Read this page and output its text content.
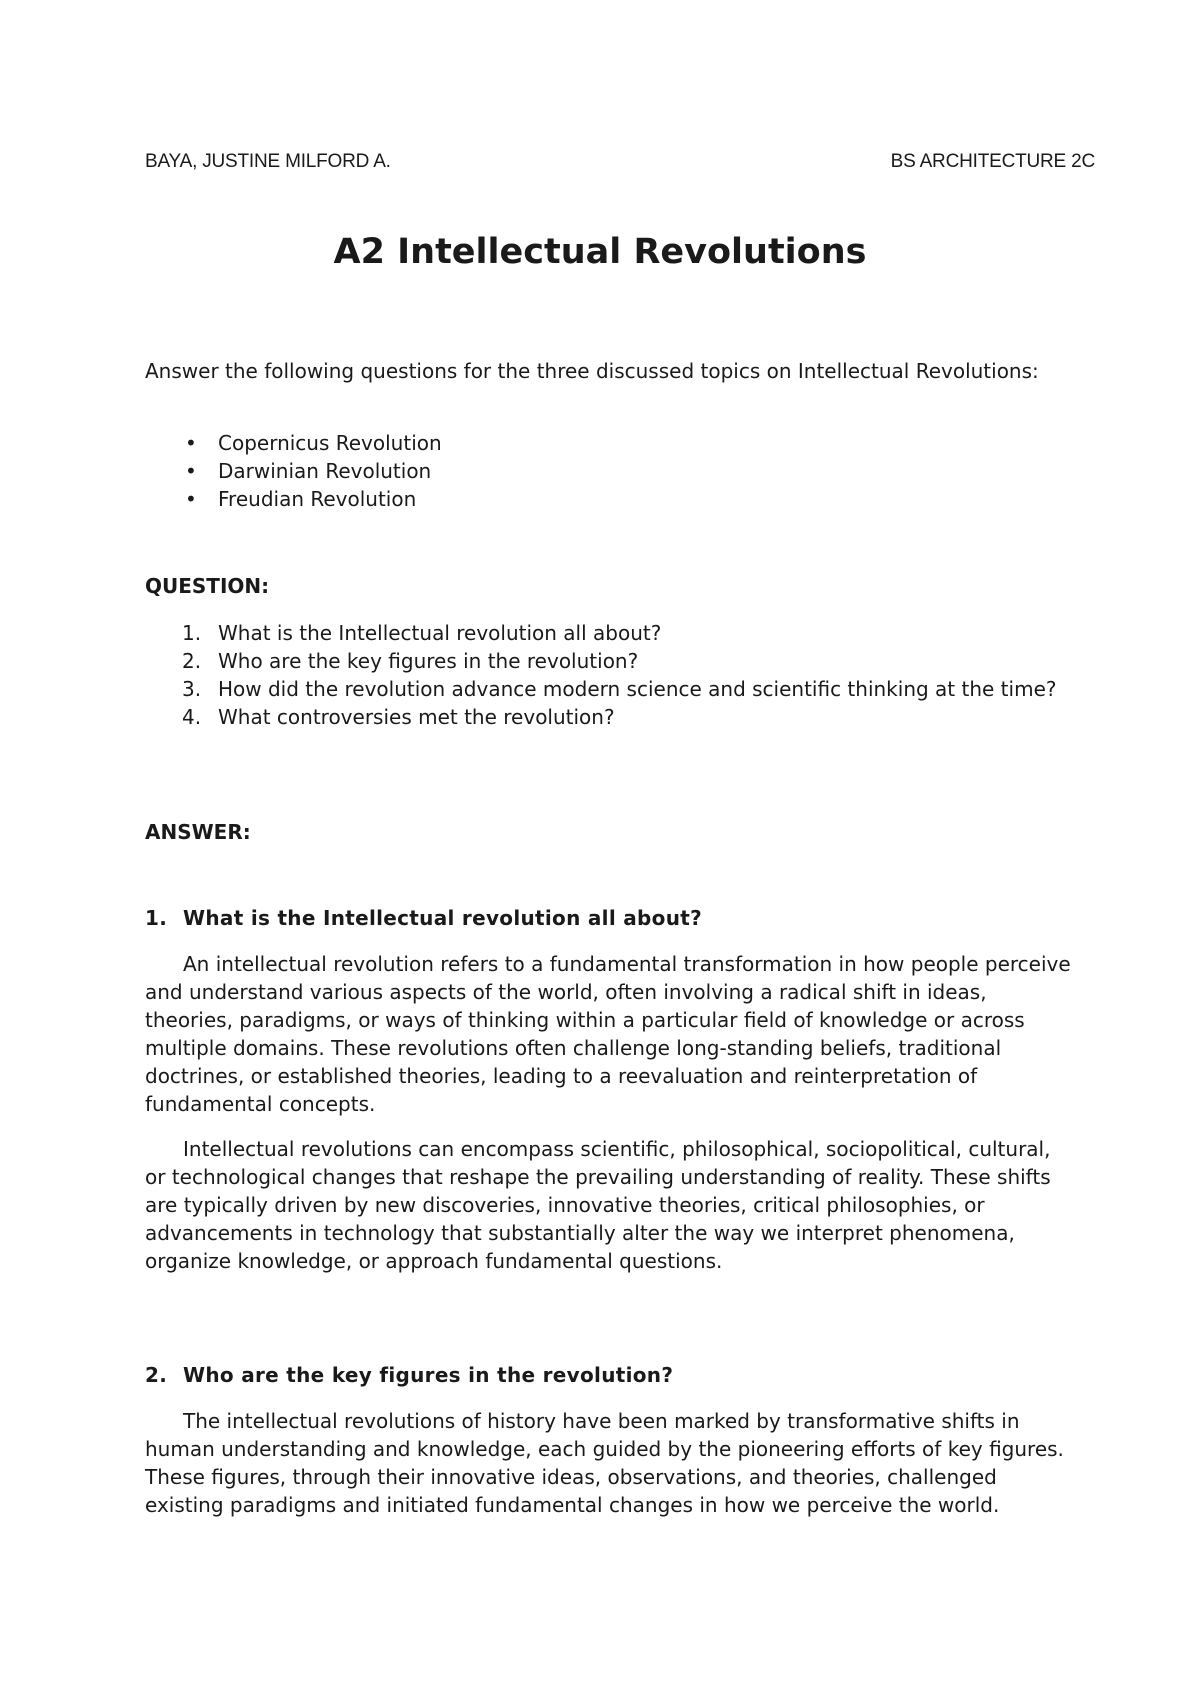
BAYA, JUSTINE MILFORD A.	BS ARCHITECTURE 2C
A2 Intellectual Revolutions

Answer the following questions for the three discussed topics on Intellectual Revolutions:

• Copernicus Revolution
• Darwinian Revolution
• Freudian Revolution

QUESTION:

1. What is the Intellectual revolution all about?
2. Who are the key figures in the revolution?
3. How did the revolution advance modern science and scientific thinking at the time?
4. What controversies met the revolution?

ANSWER:

1. What is the Intellectual revolution all about?

An intellectual revolution refers to a fundamental transformation in how people perceive and understand various aspects of the world, often involving a radical shift in ideas, theories, paradigms, or ways of thinking within a particular field of knowledge or across multiple domains. These revolutions often challenge long-standing beliefs, traditional doctrines, or established theories, leading to a reevaluation and reinterpretation of fundamental concepts.

Intellectual revolutions can encompass scientific, philosophical, sociopolitical, cultural, or technological changes that reshape the prevailing understanding of reality. These shifts are typically driven by new discoveries, innovative theories, critical philosophies, or advancements in technology that substantially alter the way we interpret phenomena, organize knowledge, or approach fundamental questions.

2. Who are the key figures in the revolution?

The intellectual revolutions of history have been marked by transformative shifts in human understanding and knowledge, each guided by the pioneering efforts of key figures. These figures, through their innovative ideas, observations, and theories, challenged existing paradigms and initiated fundamental changes in how we perceive the world.
